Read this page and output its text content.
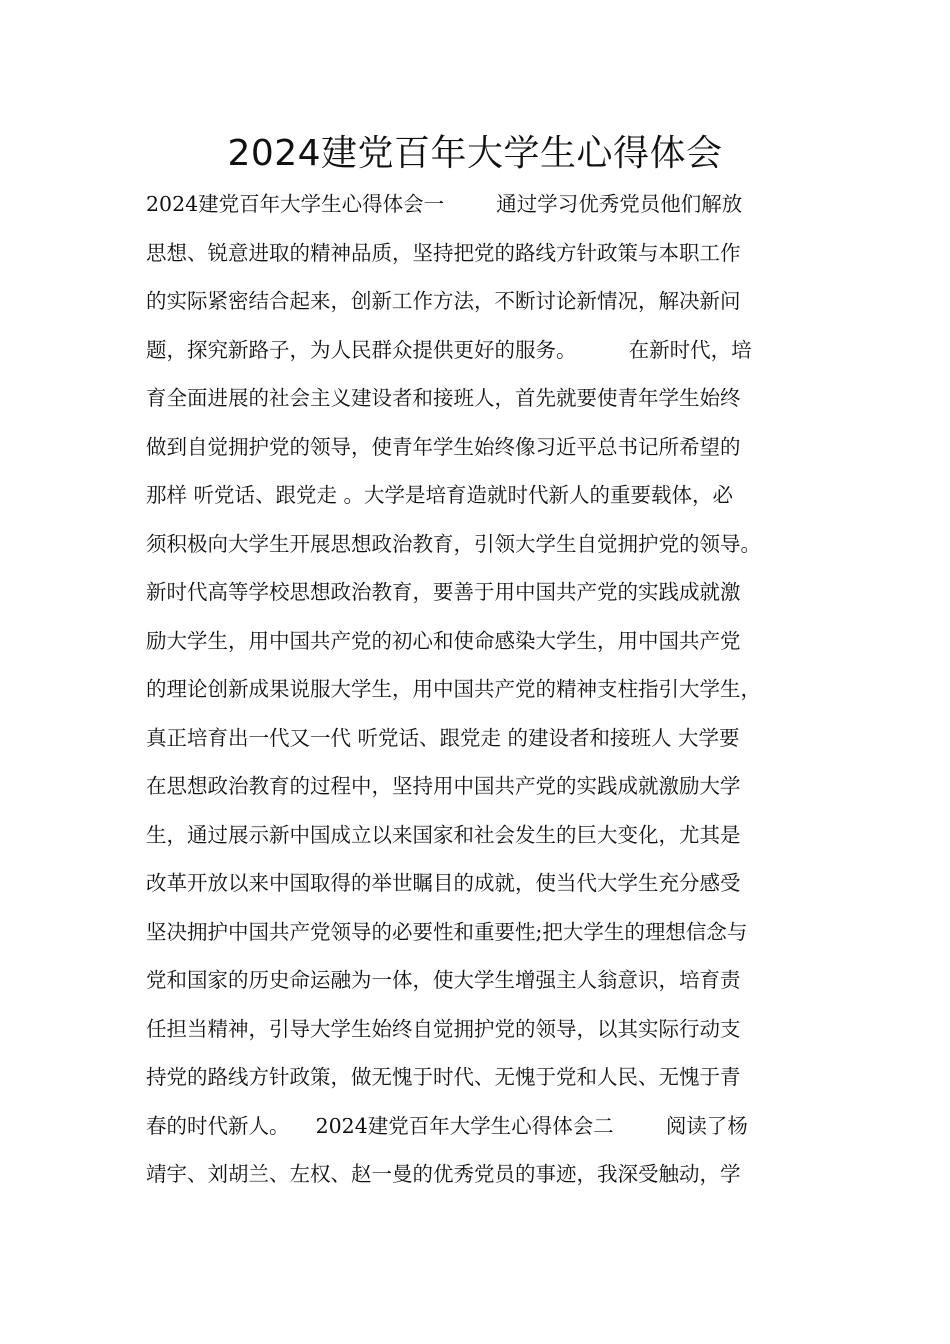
2024建党百年大学生心得体会
2024建党百年大学生心得体会一        通过学习优秀党员他们解放
思想、锐意进取的精神品质，坚持把党的路线方针政策与本职工作
的实际紧密结合起来，创新工作方法，不断讨论新情况，解决新问
题，探究新路子，为人民群众提供更好的服务。        在新时代，培
育全面进展的社会主义建设者和接班人，首先就要使青年学生始终
做到自觉拥护党的领导，使青年学生始终像习近平总书记所希望的
那样 听党话、跟党走 。大学是培育造就时代新人的重要载体，必
须积极向大学生开展思想政治教育，引领大学生自觉拥护党的领导。
新时代高等学校思想政治教育，要善于用中国共产党的实践成就激
励大学生，用中国共产党的初心和使命感染大学生，用中国共产党
的理论创新成果说服大学生，用中国共产党的精神支柱指引大学生，
真正培育出一代又一代 听党话、跟党走 的建设者和接班人 大学要
在思想政治教育的过程中，坚持用中国共产党的实践成就激励大学
生，通过展示新中国成立以来国家和社会发生的巨大变化，尤其是
改革开放以来中国取得的举世瞩目的成就，使当代大学生充分感受
坚决拥护中国共产党领导的必要性和重要性;把大学生的理想信念与
党和国家的历史命运融为一体，使大学生增强主人翁意识，培育责
任担当精神，引导大学生始终自觉拥护党的领导，以其实际行动支
持党的路线方针政策，做无愧于时代、无愧于党和人民、无愧于青
春的时代新人。    2024建党百年大学生心得体会二        阅读了杨
靖宇、刘胡兰、左权、赵一曼的优秀党员的事迹，我深受触动，学
